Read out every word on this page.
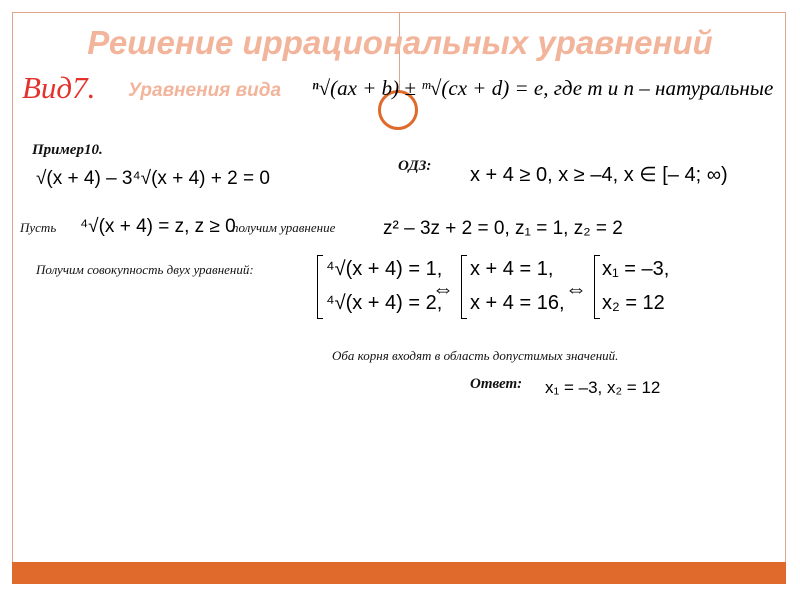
Решение иррациональных уравнений
Вид7. Уравнения вида ⁿ√(ax + b) ± ᵐ√(cx + d) = e, где m и n – натуральные
Пример10.
√(x + 4) – 3⁴√(x + 4) + 2 = 0
ОДЗ: x + 4 ≥ 0, x ≥ –4, x ∈ [– 4; ∞)
Пусть ⁴√(x + 4) = z, z ≥ 0
получим уравнение	z² – 3z + 2 = 0, z₁ = 1, z₂ = 2
Получим совокупность двух уравнений:	⁴√(x + 4) = 1,
⁴√(x + 4) = 2,
⇔
x + 4 = 1,
x + 4 = 16,
⇔
x₁ = –3,
x₂ = 12
Оба корня входят в область допустимых значений.
Ответ: x₁ = –3, x₂ = 12
